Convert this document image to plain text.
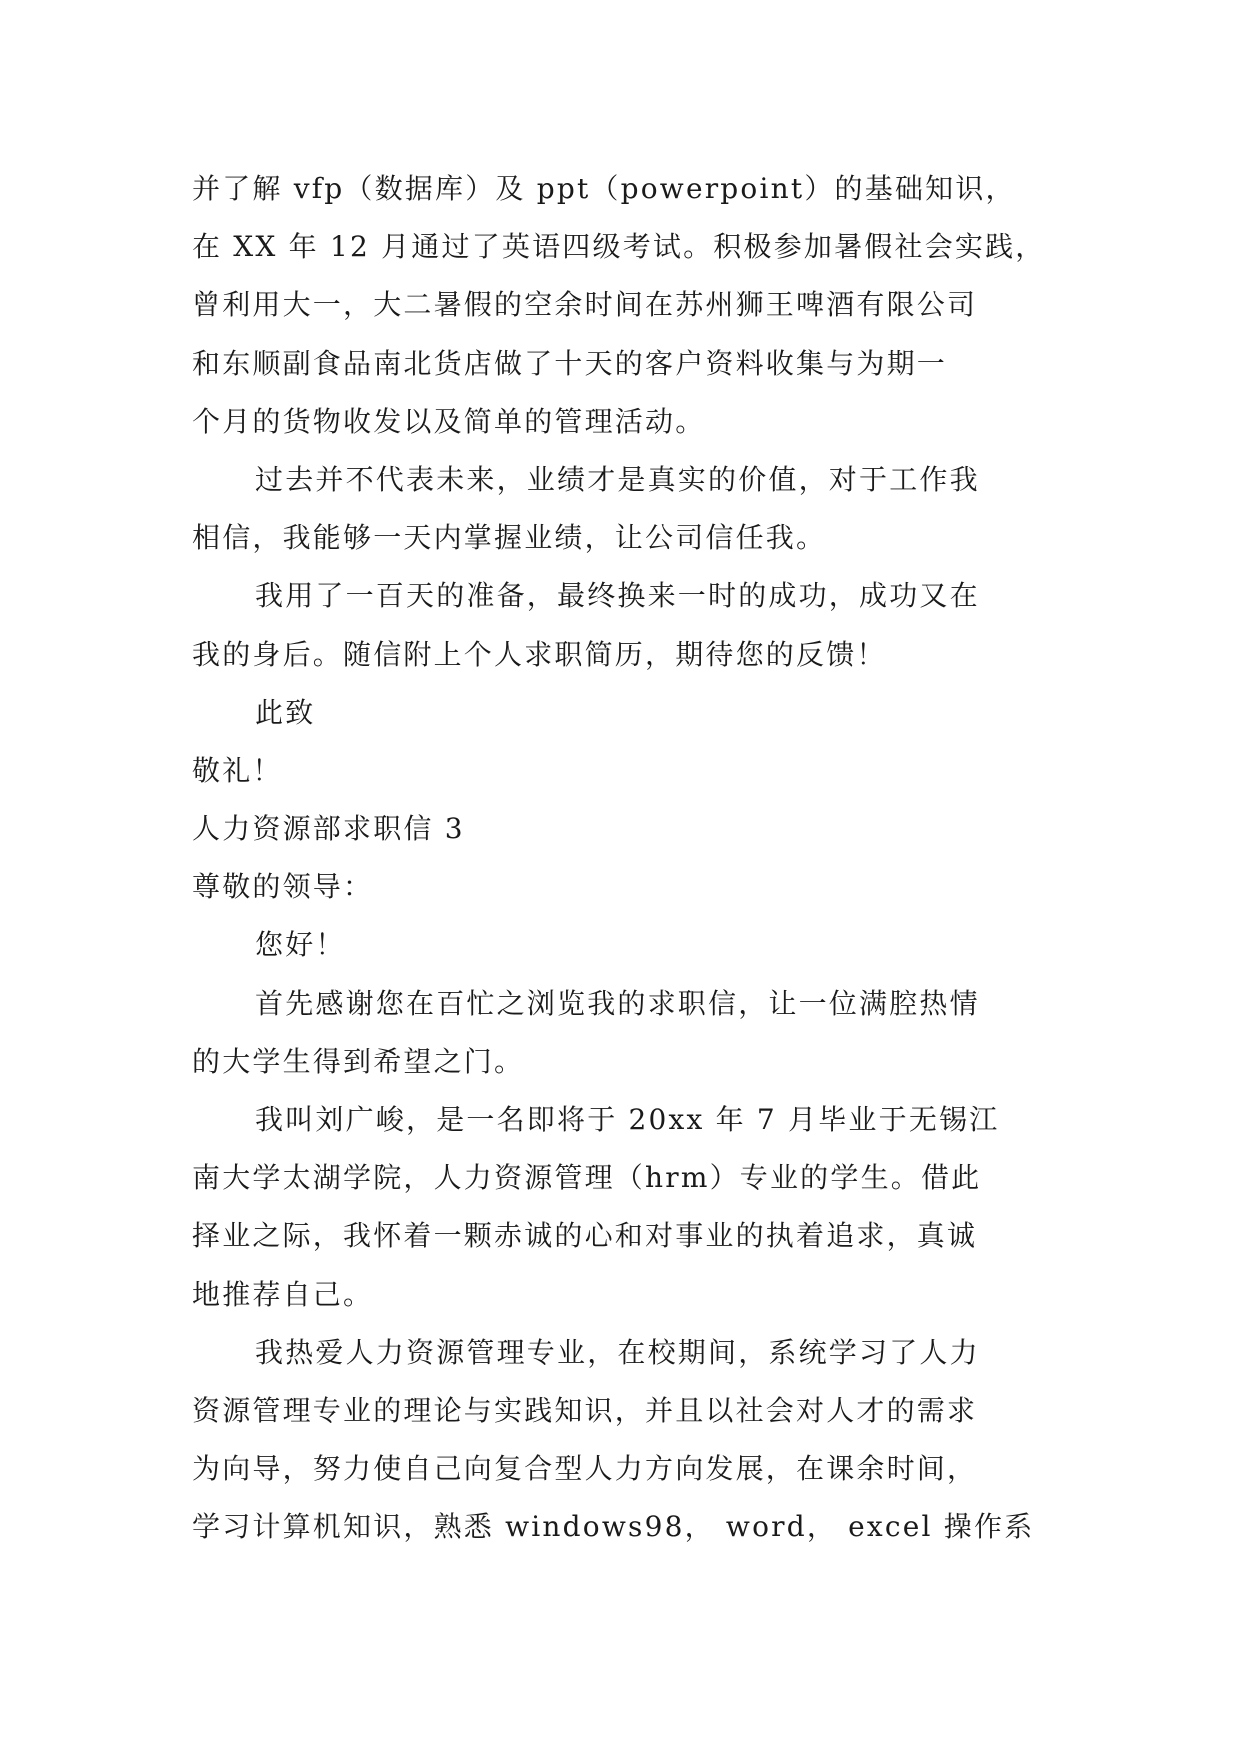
并了解 vfp（数据库）及 ppt（powerpoint）的基础知识，
在 XX 年 12 月通过了英语四级考试。积极参加暑假社会实践，
曾利用大一，大二暑假的空余时间在苏州狮王啤酒有限公司
和东顺副食品南北货店做了十天的客户资料收集与为期一
个月的货物收发以及简单的管理活动。
过去并不代表未来，业绩才是真实的价值，对于工作我
相信，我能够一天内掌握业绩，让公司信任我。
我用了一百天的准备，最终换来一时的成功，成功又在
我的身后。随信附上个人求职简历，期待您的反馈！
此致
敬礼！
人力资源部求职信 3
尊敬的领导：
您好！
首先感谢您在百忙之浏览我的求职信，让一位满腔热情
的大学生得到希望之门。
我叫刘广峻，是一名即将于 20xx 年 7 月毕业于无锡江
南大学太湖学院，人力资源管理（hrm）专业的学生。借此
择业之际，我怀着一颗赤诚的心和对事业的执着追求，真诚
地推荐自己。
我热爱人力资源管理专业，在校期间，系统学习了人力
资源管理专业的理论与实践知识，并且以社会对人才的需求
为向导，努力使自己向复合型人力方向发展，在课余时间，
学习计算机知识，熟悉 windows98， word， excel 操作系
